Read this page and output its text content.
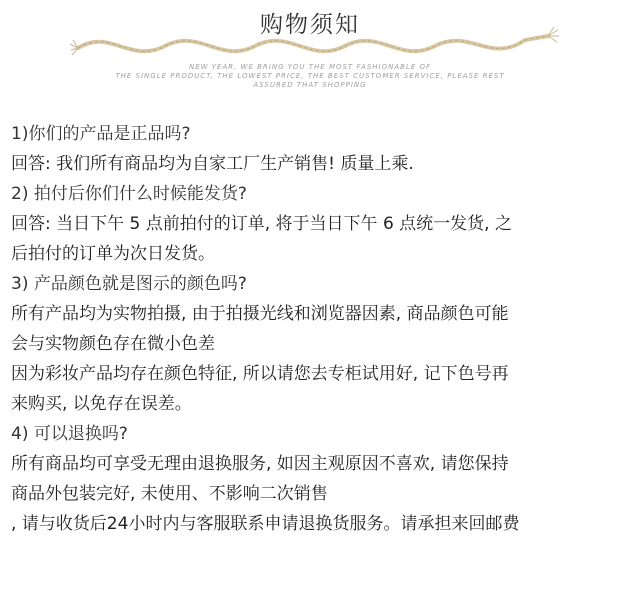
购物须知
NEW YEAR, WE BRING YOU THE MOST FASHIONABLE OF
THE SINGLE PRODUCT, THE LOWEST PRICE, THE BEST CUSTOMER SERVICE, PLEASE REST
ASSURED THAT SHOPPING
1)你们的产品是正品吗?
回答: 我们所有商品均为自家工厂生产销售! 质量上乘.
2) 拍付后你们什么时候能发货?
回答: 当日下午 5 点前拍付的订单, 将于当日下午 6 点统一发货, 之
后拍付的订单为次日发货。
3) 产品颜色就是图示的颜色吗?
所有产品均为实物拍摄, 由于拍摄光线和浏览器因素, 商品颜色可能
会与实物颜色存在微小色差
因为彩妆产品均存在颜色特征, 所以请您去专柜试用好, 记下色号再
来购买, 以免存在误差。
4) 可以退换吗?
所有商品均可享受无理由退换服务, 如因主观原因不喜欢, 请您保持
商品外包装完好, 未使用、不影响二次销售
, 请与收货后24小时内与客服联系申请退换货服务。请承担来回邮费
